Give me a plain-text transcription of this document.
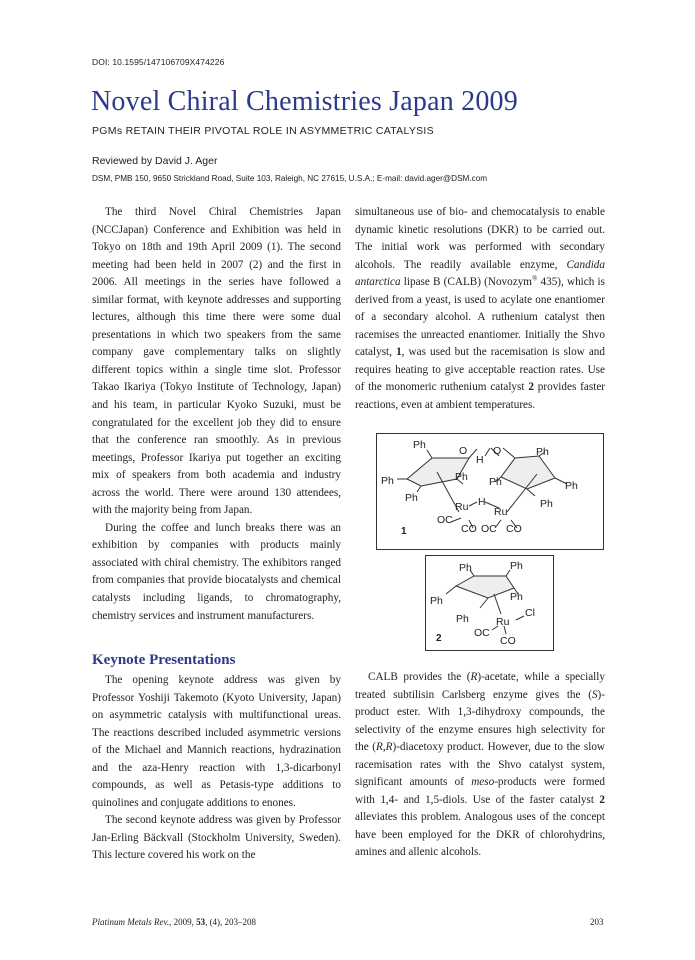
DOI: 10.1595/147106709X474226
Novel Chiral Chemistries Japan 2009
PGMs RETAIN THEIR PIVOTAL ROLE IN ASYMMETRIC CATALYSIS
Reviewed by David J. Ager
DSM, PMB 150, 9650 Strickland Road, Suite 103, Raleigh, NC 27615, U.S.A.; E-mail: david.ager@DSM.com

The third Novel Chiral Chemistries Japan (NCCJapan) Conference and Exhibition was held in Tokyo on 18th and 19th April 2009 (1). The second meeting had been held in 2007 (2) and the first in 2006. All meetings in the series have followed a similar format, with keynote addresses and supporting lectures, although this time there were some dual presentations in which two speakers from the same company gave complementary talks on slightly different topics within a single time slot. Professor Takao Ikariya (Tokyo Institute of Technology, Japan) and his team, in particular Kyoko Suzuki, must be congratulated for the excellent job they did to ensure that the conference ran smoothly. As in previous meetings, Professor Ikariya put together an exciting mix of speakers from both academia and industry across the world. There were around 130 attendees, with the majority being from Japan.

During the coffee and lunch breaks there was an exhibition by companies with products mainly associated with chiral chemistry. The exhibitors ranged from companies that provide biocatalysts and chemical catalysts including ligands, to chromatography, chemistry services and instrument manufacturers.

Keynote Presentations

The opening keynote address was given by Professor Yoshiji Takemoto (Kyoto University, Japan) on asymmetric catalysis with multifunctional ureas. The reactions described included asymmetric versions of the Michael and Mannich reactions, hydrazination and the aza-Henry reaction with 1,3-dicarbonyl compounds, as well as Petasis-type additions to quinolines and conjugate additions to enones.

The second keynote address was given by Professor Jan-Erling Bäckvall (Stockholm University, Sweden). This lecture covered his work on the

simultaneous use of bio- and chemocatalysis to enable dynamic kinetic resolutions (DKR) to be carried out. The initial work was performed with secondary alcohols. The readily available enzyme, Candida antarctica lipase B (CALB) (Novozym® 435), which is derived from a yeast, is used to acylate one enantiomer of a secondary alcohol. A ruthenium catalyst then racemises the unreacted enantiomer. Initially the Shvo catalyst, 1, was used but the racemisation is slow and requires heating to give acceptable reaction rates. Use of the monomeric ruthenium catalyst 2 provides faster reactions, even at ambient temperatures.

CALB provides the (R)-acetate, while a specially treated subtilisin Carlsberg enzyme gives the (S)-product ester. With 1,3-dihydroxy compounds, the selectivity of the enzyme ensures high selectivity for the (R,R)-diacetoxy product. However, due to the slow racemisation rates with the Shvo catalyst system, significant amounts of meso-products were formed with 1,4- and 1,5-diols. Use of the faster catalyst 2 alleviates this problem. Analogous uses of the concept have been employed for the DKR of chlorohydrins, amines and allenic alcohols.

Ph	O
H
O	Ph
Ph	Ph Ph	Ph
Ph	Ph
H
Ru Ru
OC
CO OC CO
1
Ph	Ph
Ph
Ph
Ph
Ru
Cl
OC
CO
2
Platinum Metals Rev., 2009, 53, (4), 203–208	203
